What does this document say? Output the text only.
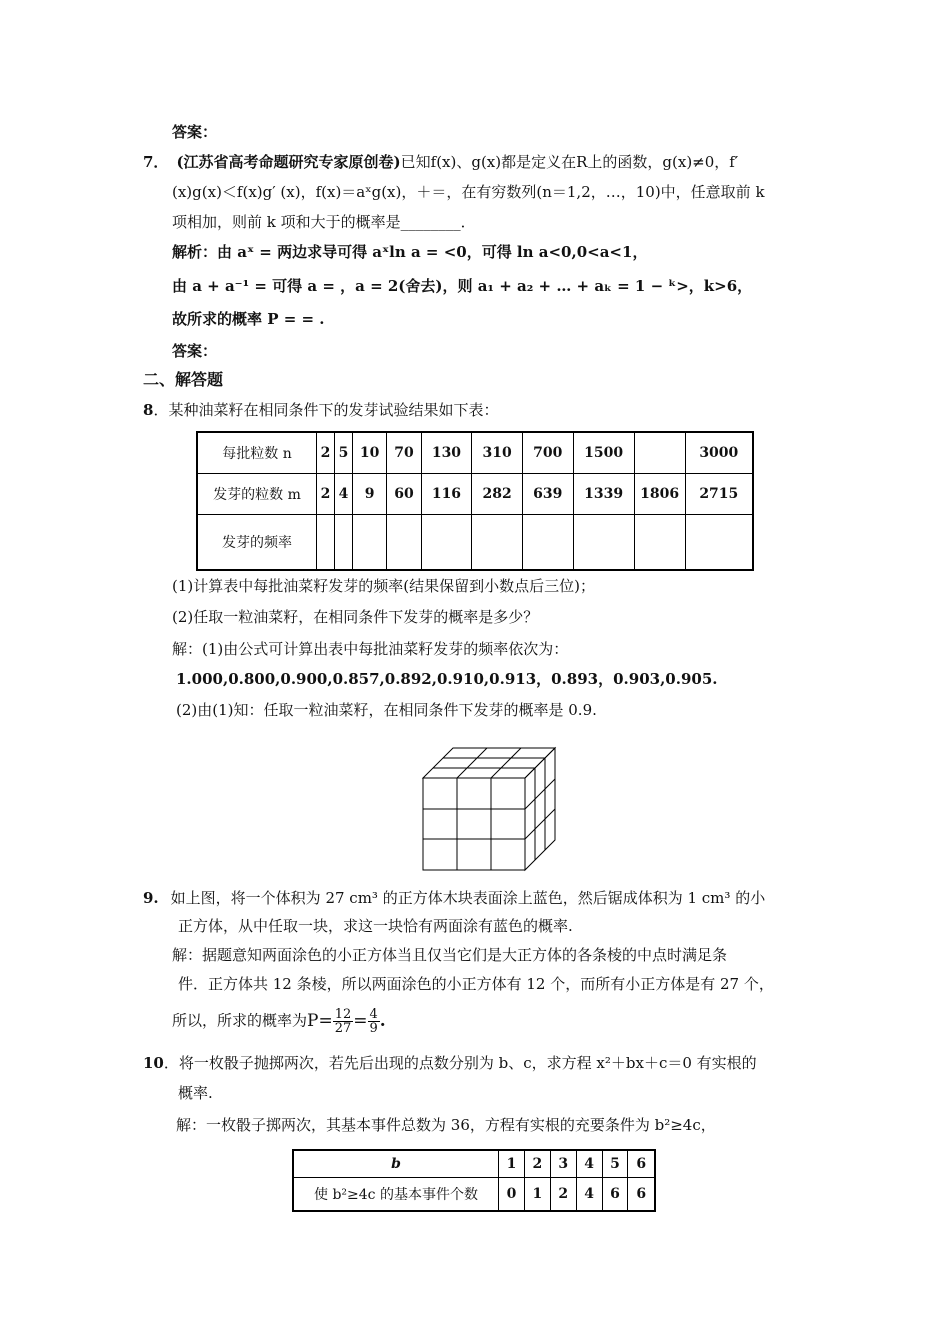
答案：
7． (江苏省高考命题研究专家原创卷)已知f(x)、g(x)都是定义在R上的函数，g(x)≠0，f′
(x)g(x)＜f(x)g′ (x)，f(x)＝aˣg(x)，＋＝，在有穷数列(n＝1,2，…，10)中，任意取前 k
项相加，则前 k 项和大于的概率是________．
解析：由 aˣ = 两边求导可得 aˣln a = <0，可得 ln a<0,0<a<1，
由 a + a⁻¹ = 可得 a = ，a = 2(舍去)，则 a₁ + a₂ + … + aₖ = 1 − ᵏ>，k>6，
故所求的概率 P = = .
答案：
二、解答题
8．某种油菜籽在相同条件下的发芽试验结果如下表：
每批粒数 n	2	5	10	70	130	310	700	1500		3000
发芽的粒数 m	2	4	9	60	116	282	639	1339	1806	2715
发芽的频率										
(1)计算表中每批油菜籽发芽的频率(结果保留到小数点后三位)；
(2)任取一粒油菜籽，在相同条件下发芽的概率是多少？
解：(1)由公式可计算出表中每批油菜籽发芽的频率依次为：
1.000,0.800,0.900,0.857,0.892,0.910,0.913，0.893，0.903,0.905.
(2)由(1)知：任取一粒油菜籽，在相同条件下发芽的概率是 0.9.
9. 如上图，将一个体积为 27 cm³ 的正方体木块表面涂上蓝色，然后锯成体积为 1 cm³ 的小
正方体，从中任取一块，求这一块恰有两面涂有蓝色的概率.
解：据题意知两面涂色的小正方体当且仅当它们是大正方体的各条棱的中点时满足条
件．正方体共 12 条棱，所以两面涂色的小正方体有 12 个，而所有小正方体是有 27 个，
所以，所求的概率为$P= \frac{12}{27} = \frac{4}{9}$ .
10．将一枚骰子抛掷两次，若先后出现的点数分别为 b、c，求方程 x²＋bx＋c＝0 有实根的
概率.
解：一枚骰子掷两次，其基本事件总数为 36，方程有实根的充要条件为 b²≥4c，
b	1	2	3	4	5	6
使 b²≥4c 的基本事件个数	0	1	2	4	6	6
